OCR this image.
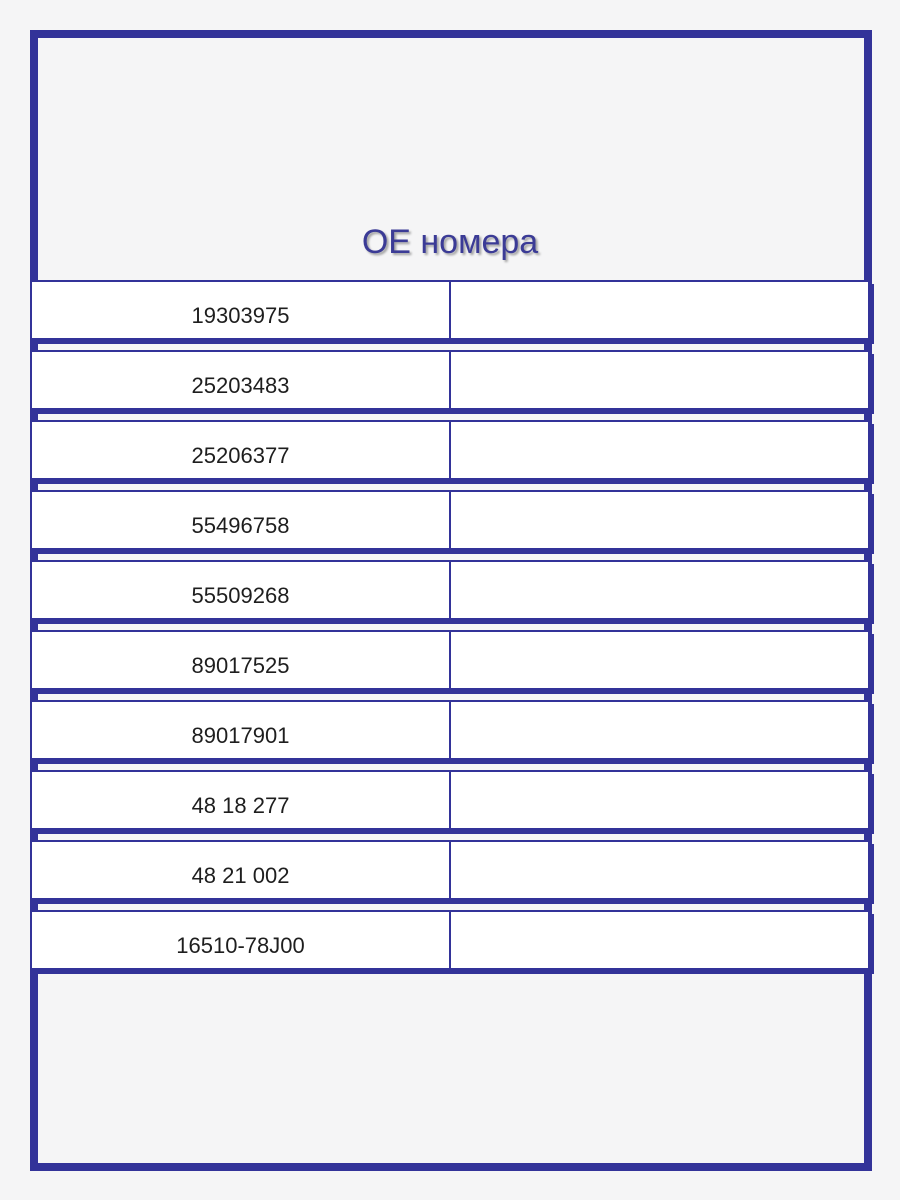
OE номера
19303975
25203483
25206377
55496758
55509268
89017525
89017901
48 18 277
48 21 002
16510-78J00
